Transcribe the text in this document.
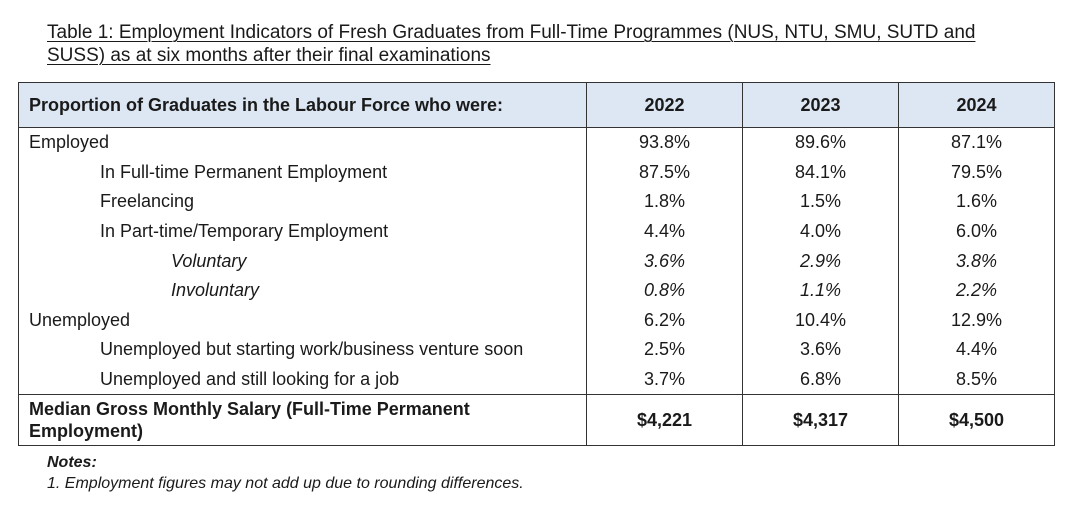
Table 1: Employment Indicators of Fresh Graduates from Full-Time Programmes (NUS, NTU, SMU, SUTD and
SUSS) as at six months after their final examinations
Proportion of Graduates in the Labour Force who were:	2022	2023	2024
Employed	93.8%	89.6%	87.1%
In Full-time Permanent Employment	87.5%	84.1%	79.5%
Freelancing	1.8%	1.5%	1.6%
In Part-time/Temporary Employment	4.4%	4.0%	6.0%
Voluntary	3.6%	2.9%	3.8%
Involuntary	0.8%	1.1%	2.2%
Unemployed	6.2%	10.4%	12.9%
Unemployed but starting work/business venture soon	2.5%	3.6%	4.4%
Unemployed and still looking for a job	3.7%	6.8%	8.5%
Median Gross Monthly Salary (Full-Time Permanent
Employment)	$4,221	$4,317	$4,500
Notes:
1. Employment figures may not add up due to rounding differences.
